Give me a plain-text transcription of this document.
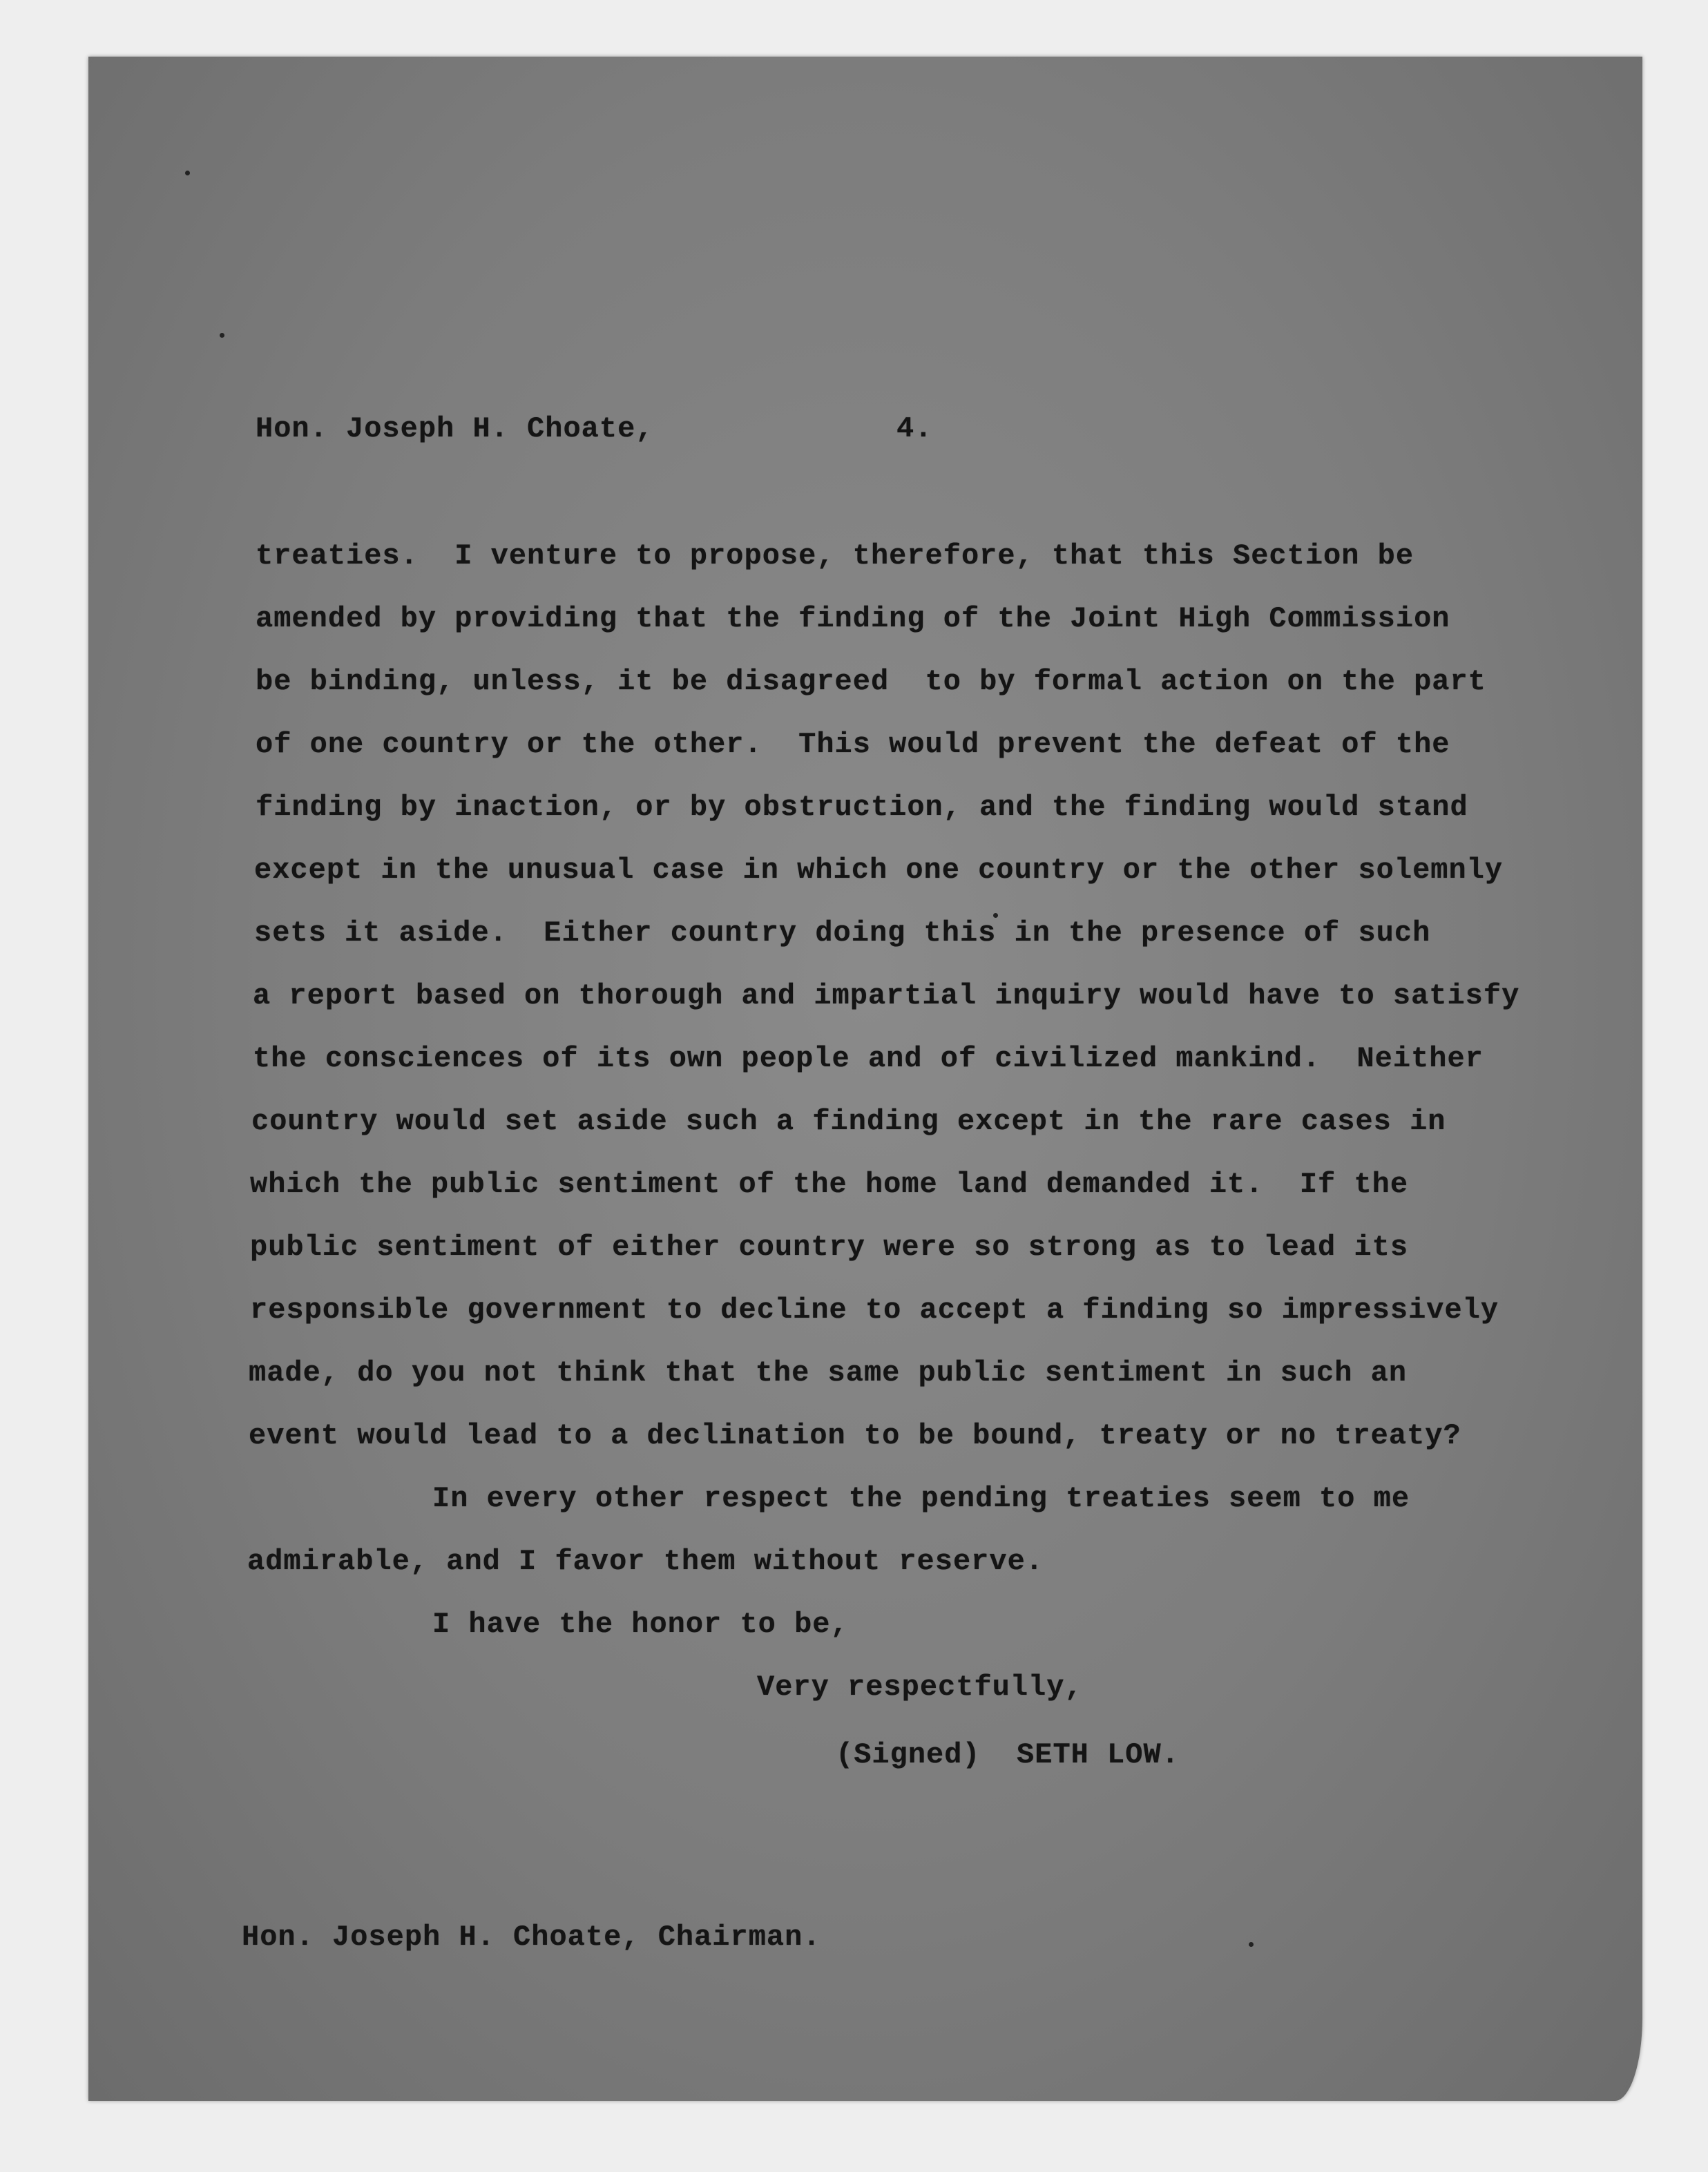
Hon. Joseph H. Choate,	4.
treaties.  I venture to propose, therefore, that this Section be
amended by providing that the finding of the Joint High Commission
be binding, unless, it be disagreed  to by formal action on the part
of one country or the other.  This would prevent the defeat of the
finding by inaction, or by obstruction, and the finding would stand
except in the unusual case in which one country or the other solemnly
sets it aside.  Either country doing this in the presence of such
a report based on thorough and impartial inquiry would have to satisfy
the consciences of its own people and of civilized mankind.  Neither
country would set aside such a finding except in the rare cases in
which the public sentiment of the home land demanded it.  If the
public sentiment of either country were so strong as to lead its
responsible government to decline to accept a finding so impressively
made, do you not think that the same public sentiment in such an
event would lead to a declination to be bound, treaty or no treaty?
In every other respect the pending treaties seem to me
admirable, and I favor them without reserve.
I have the honor to be,
Very respectfully,
(Signed)  SETH LOW.
Hon. Joseph H. Choate, Chairman.
